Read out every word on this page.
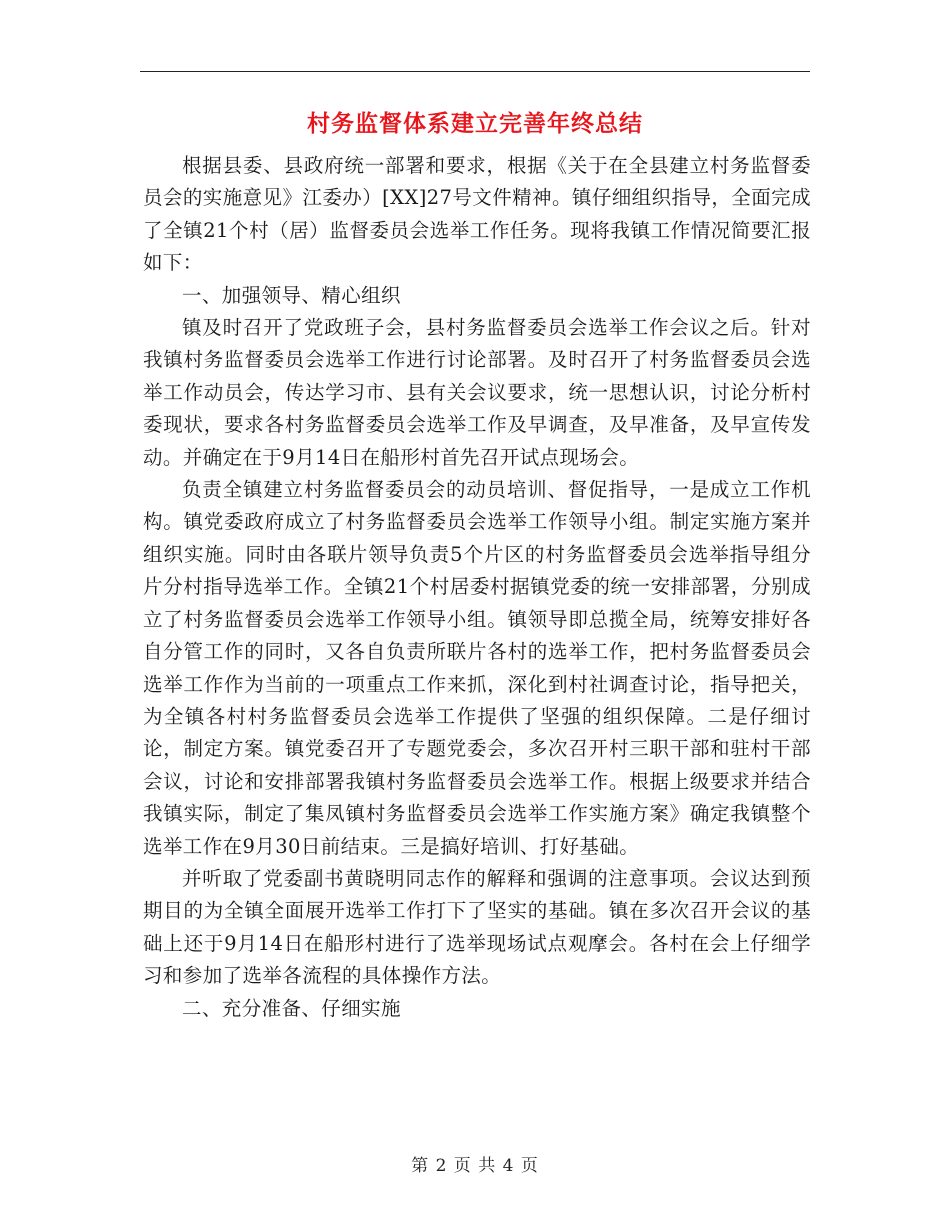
村务监督体系建立完善年终总结

根据县委、县政府统一部署和要求，根据《关于在全县建立村务监督委员会的实施意见》江委办）[XX]27号文件精神。镇仔细组织指导，全面完成了全镇21个村（居）监督委员会选举工作任务。现将我镇工作情况简要汇报如下：

一、加强领导、精心组织

镇及时召开了党政班子会，县村务监督委员会选举工作会议之后。针对我镇村务监督委员会选举工作进行讨论部署。及时召开了村务监督委员会选举工作动员会，传达学习市、县有关会议要求，统一思想认识，讨论分析村委现状，要求各村务监督委员会选举工作及早调查，及早准备，及早宣传发动。并确定在于9月14日在船形村首先召开试点现场会。

负责全镇建立村务监督委员会的动员培训、督促指导，一是成立工作机构。镇党委政府成立了村务监督委员会选举工作领导小组。制定实施方案并组织实施。同时由各联片领导负责5个片区的村务监督委员会选举指导组分片分村指导选举工作。全镇21个村居委村据镇党委的统一安排部署，分别成立了村务监督委员会选举工作领导小组。镇领导即总揽全局，统筹安排好各自分管工作的同时，又各自负责所联片各村的选举工作，把村务监督委员会选举工作作为当前的一项重点工作来抓，深化到村社调查讨论，指导把关，为全镇各村村务监督委员会选举工作提供了坚强的组织保障。二是仔细讨论，制定方案。镇党委召开了专题党委会，多次召开村三职干部和驻村干部会议，讨论和安排部署我镇村务监督委员会选举工作。根据上级要求并结合我镇实际，制定了集凤镇村务监督委员会选举工作实施方案》确定我镇整个选举工作在9月30日前结束。三是搞好培训、打好基础。

并听取了党委副书黄晓明同志作的解释和强调的注意事项。会议达到预期目的为全镇全面展开选举工作打下了坚实的基础。镇在多次召开会议的基础上还于9月14日在船形村进行了选举现场试点观摩会。各村在会上仔细学习和参加了选举各流程的具体操作方法。

二、充分准备、仔细实施

第 2 页 共 4 页
